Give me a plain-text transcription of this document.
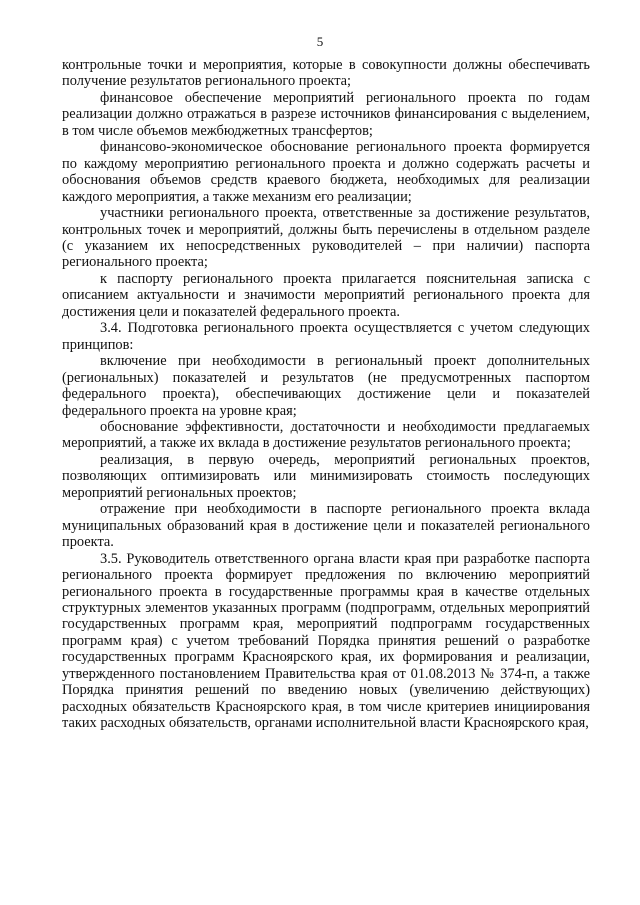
5

контрольные точки и мероприятия, которые в совокупности должны обеспечивать получение результатов регионального проекта;

финансовое обеспечение мероприятий регионального проекта по годам реализации должно отражаться в разрезе источников финансирования с выделением, в том числе объемов межбюджетных трансфертов;

финансово-экономическое обоснование регионального проекта формируется по каждому мероприятию регионального проекта и должно содержать расчеты и обоснования объемов средств краевого бюджета, необходимых для реализации каждого мероприятия, а также механизм его реализации;

участники регионального проекта, ответственные за достижение результатов, контрольных точек и мероприятий, должны быть перечислены в отдельном разделе (с указанием их непосредственных руководителей – при наличии) паспорта регионального проекта;

к паспорту регионального проекта прилагается пояснительная записка с описанием актуальности и значимости мероприятий регионального проекта для достижения цели и показателей федерального проекта.

3.4. Подготовка регионального проекта осуществляется с учетом следующих принципов:

включение при необходимости в региональный проект дополнительных (региональных) показателей и результатов (не предусмотренных паспортом федерального проекта), обеспечивающих достижение цели и показателей федерального проекта на уровне края;

обоснование эффективности, достаточности и необходимости предлагаемых мероприятий, а также их вклада в достижение результатов регионального проекта;

реализация, в первую очередь, мероприятий региональных проектов, позволяющих оптимизировать или минимизировать стоимость последующих мероприятий региональных проектов;

отражение при необходимости в паспорте регионального проекта вклада муниципальных образований края в достижение цели и показателей регионального проекта.

3.5. Руководитель ответственного органа власти края при разработке паспорта регионального проекта формирует предложения по включению мероприятий регионального проекта в государственные программы края в качестве отдельных структурных элементов указанных программ (подпрограмм, отдельных мероприятий государственных программ края, мероприятий подпрограмм государственных программ края) с учетом требований Порядка принятия решений о разработке государственных программ Красноярского края, их формирования и реализации, утвержденного постановлением Правительства края от 01.08.2013 № 374-п, а также Порядка принятия решений по введению новых (увеличению действующих) расходных обязательств Красноярского края, в том числе критериев инициирования таких расходных обязательств, органами исполнительной власти Красноярского края,
